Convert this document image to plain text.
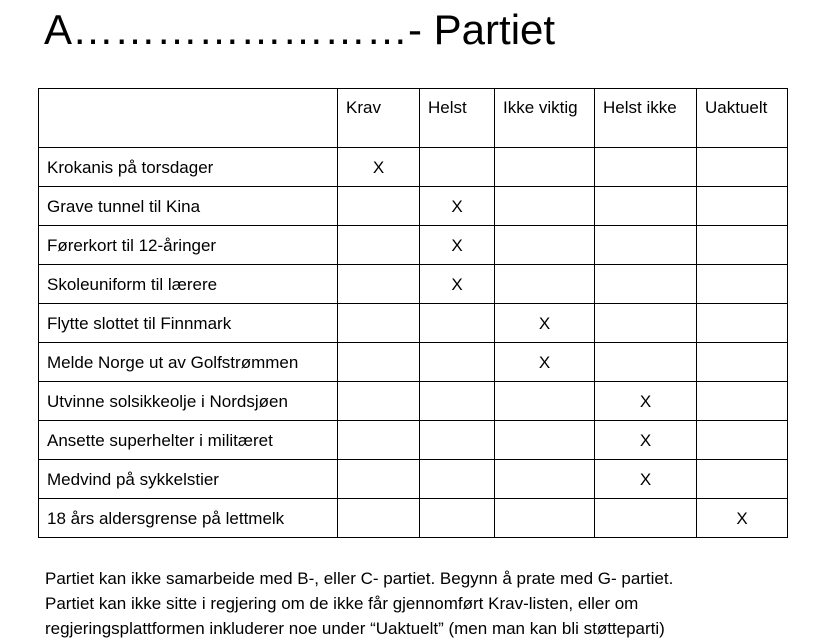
A……………………- Partiet
	Krav	Helst	Ikke viktig	Helst ikke	Uaktuelt
Krokanis på torsdager	X				
Grave tunnel til Kina		X			
Førerkort til 12-åringer		X			
Skoleuniform til lærere		X			
Flytte slottet til Finnmark			X		
Melde Norge ut av Golfstrømmen			X		
Utvinne solsikkeolje i Nordsjøen				X	
Ansette superhelter i militæret				X	
Medvind på sykkelstier				X	
18 års aldersgrense på lettmelk					X

Partiet kan ikke samarbeide med B-, eller C- partiet. Begynn å prate med G- partiet.

Partiet kan ikke sitte i regjering om de ikke får gjennomført Krav-listen, eller om

regjeringsplattformen inkluderer noe under “Uaktuelt” (men man kan bli støtteparti)
